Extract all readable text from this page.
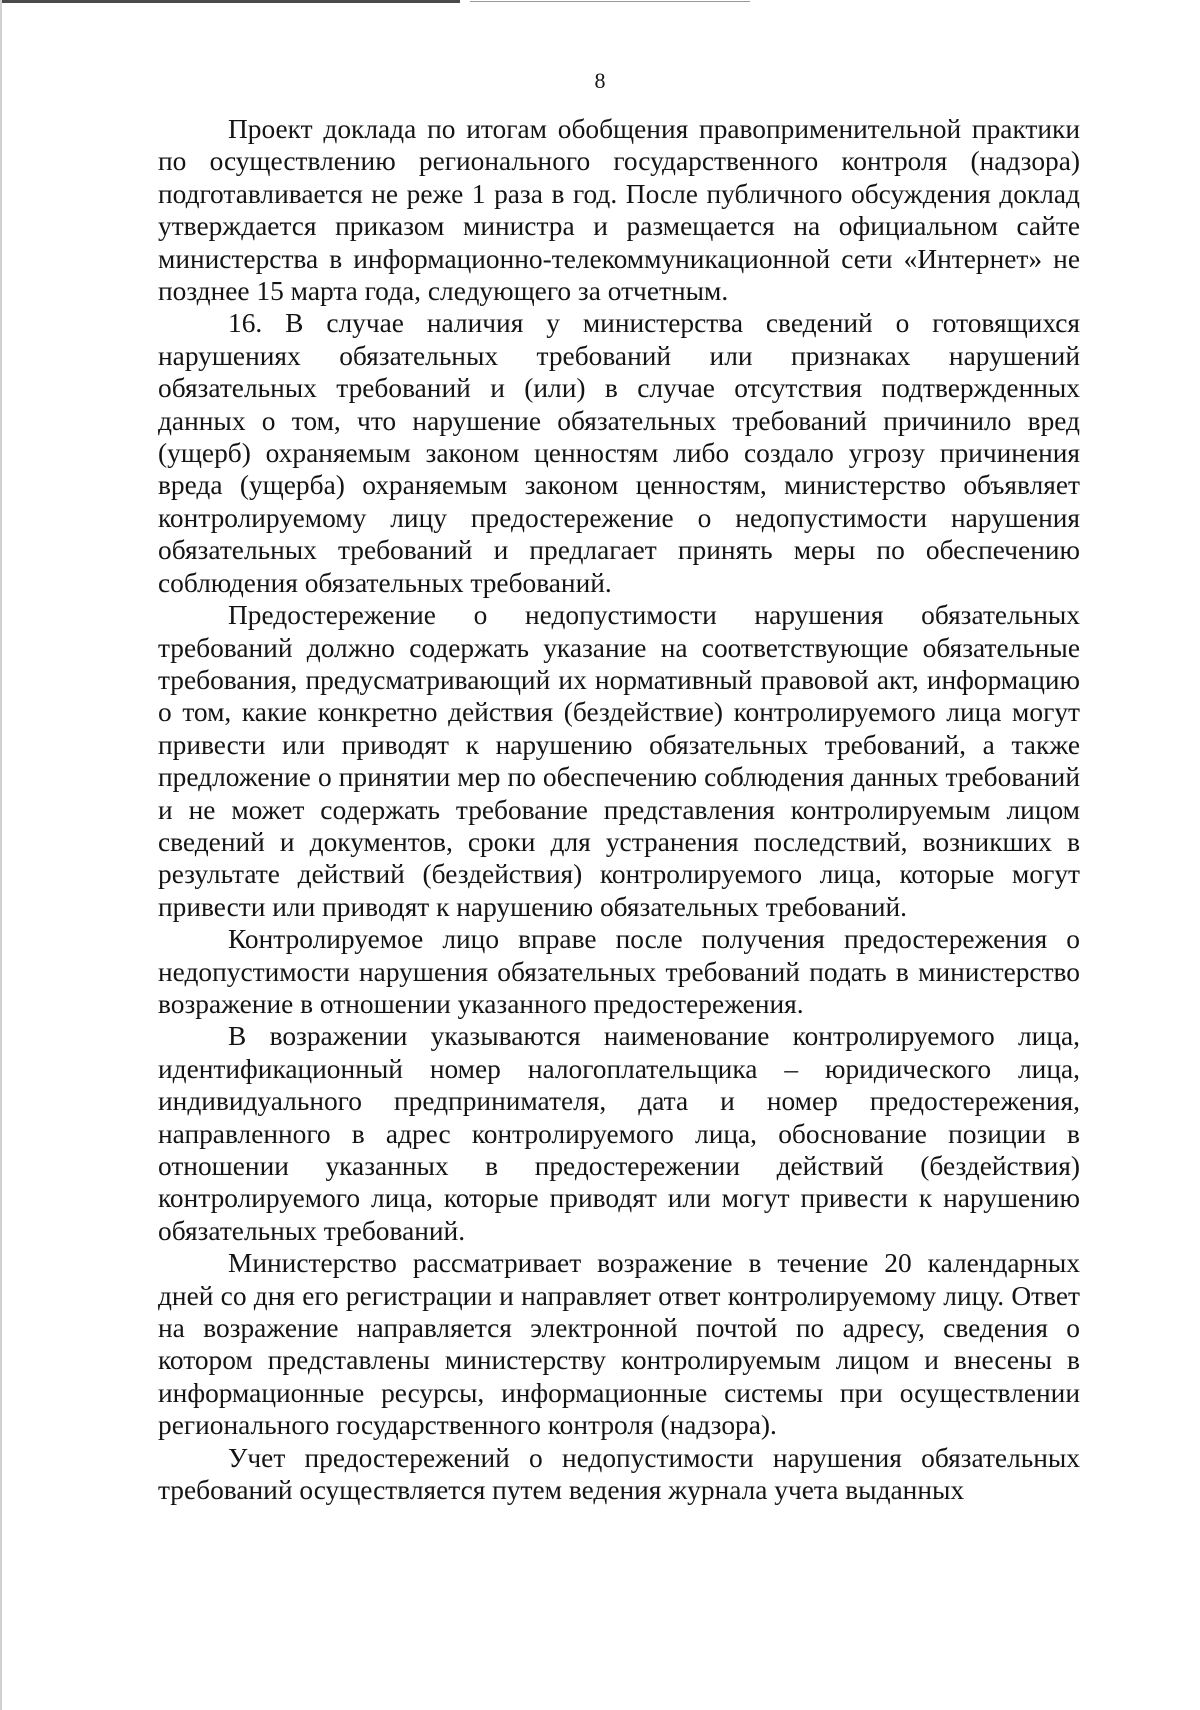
8

Проект доклада по итогам обобщения правоприменительной практики по осуществлению регионального государственного контроля (надзора) подготавливается не реже 1 раза в год. После публичного обсуждения доклад утверждается приказом министра и размещается на официальном сайте министерства в информационно-телекоммуникационной сети «Интернет» не позднее 15 марта года, следующего за отчетным.

16. В случае наличия у министерства сведений о готовящихся нарушениях обязательных требований или признаках нарушений обязательных требований и (или) в случае отсутствия подтвержденных данных о том, что нарушение обязательных требований причинило вред (ущерб) охраняемым законом ценностям либо создало угрозу причинения вреда (ущерба) охраняемым законом ценностям, министерство объявляет контролируемому лицу предостережение о недопустимости нарушения обязательных требований и предлагает принять меры по обеспечению соблюдения обязательных требований.

Предостережение о недопустимости нарушения обязательных требований должно содержать указание на соответствующие обязательные требования, предусматривающий их нормативный правовой акт, информацию о том, какие конкретно действия (бездействие) контролируемого лица могут привести или приводят к нарушению обязательных требований, а также предложение о принятии мер по обеспечению соблюдения данных требований и не может содержать требование представления контролируемым лицом сведений и документов, сроки для устранения последствий, возникших в результате действий (бездействия) контролируемого лица, которые могут привести или приводят к нарушению обязательных требований.

Контролируемое лицо вправе после получения предостережения о недопустимости нарушения обязательных требований подать в министерство возражение в отношении указанного предостережения.

В возражении указываются наименование контролируемого лица, идентификационный номер налогоплательщика – юридического лица, индивидуального предпринимателя, дата и номер предостережения, направленного в адрес контролируемого лица, обоснование позиции в отношении указанных в предостережении действий (бездействия) контролируемого лица, которые приводят или могут привести к нарушению обязательных требований.

Министерство рассматривает возражение в течение 20 календарных дней со дня его регистрации и направляет ответ контролируемому лицу. Ответ на возражение направляется электронной почтой по адресу, сведения о котором представлены министерству контролируемым лицом и внесены в информационные ресурсы, информационные системы при осуществлении регионального государственного контроля (надзора).

Учет предостережений о недопустимости нарушения обязательных требований осуществляется путем ведения журнала учета выданных
